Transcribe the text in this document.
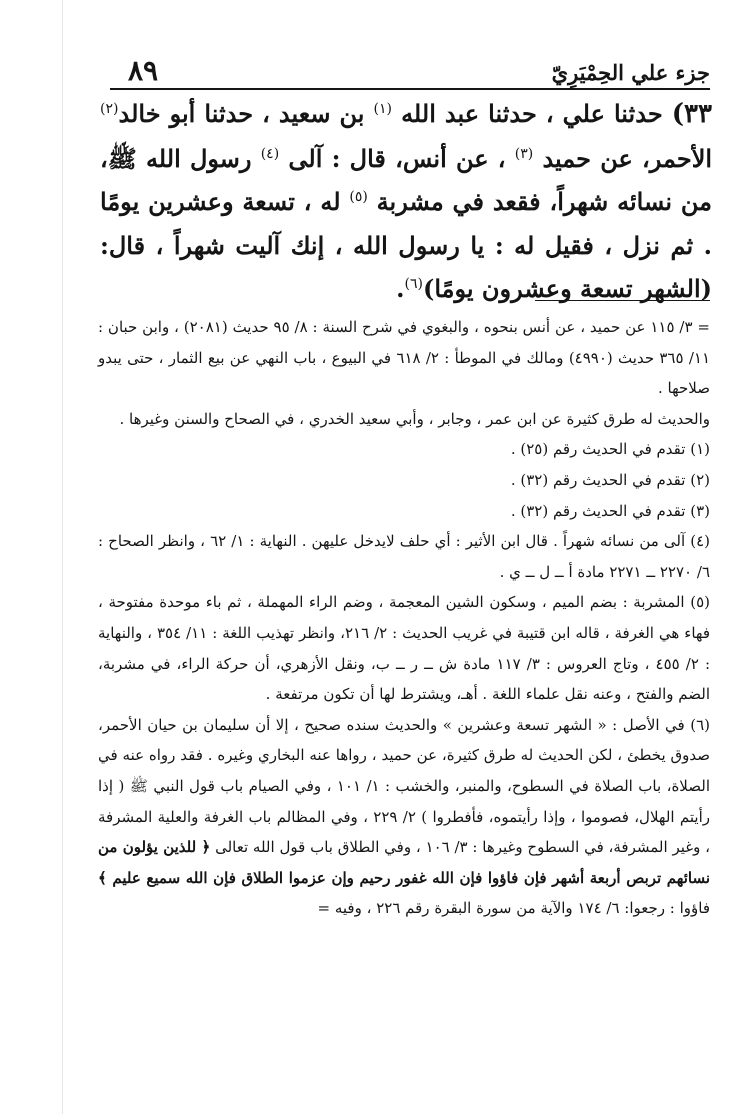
جزء علي الحِمْيَرِيّ
٨٩
٣٣) حدثنا علي ، حدثنا عبد الله $^{(١)}$ بن سعيد ، حدثنا أبو خالد$^{(٢)}$ الأحمر، عن حميد $^{(٣)}$ ، عن أنس، قال : آلى $^{(٤)}$ رسول الله ﷺ، من نسائه شهراً، فقعد في مشربة $^{(٥)}$ له ، تسعة وعشرين يومًا . ثم نزل ، فقيل له : يا رسول الله ، إنك آليت شهراً ، قال: (الشهر تسعة وعشرون يومًا)$^{(٦)}$.

= ٣/ ١١٥ عن حميد ، عن أنس بنحوه ، والبغوي في شرح السنة : ٨/ ٩٥ حديث (٢٠٨١) ، وابن حبان : ١١/ ٣٦٥ حديث (٤٩٩٠) ومالك في الموطأ : ٢/ ٦١٨ في البيوع ، باب النهي عن بيع الثمار ، حتى يبدو صلاحها .

والحديث له طرق كثيرة عن ابن عمر ، وجابر ، وأبي سعيد الخدري ، في الصحاح والسنن وغيرها .

(١) تقدم في الحديث رقم (٢٥) .

(٢) تقدم في الحديث رقم (٣٢) .

(٣) تقدم في الحديث رقم (٣٢) .

(٤) آلى من نسائه شهراً . قال ابن الأثير : أي حلف لايدخل عليهن . النهاية : ١/ ٦٢ ، وانظر الصحاح : ٦/ ٢٢٧٠ ــ ٢٢٧١ مادة أ ــ ل ــ ي .

(٥) المشربة : بضم الميم ، وسكون الشين المعجمة ، وضم الراء المهملة ، ثم باء موحدة مفتوحة ، فهاء هي الغرفة ، قاله ابن قتيبة في غريب الحديث : ٢/ ٢١٦، وانظر تهذيب اللغة : ١١/ ٣٥٤ ، والنهاية : ٢/ ٤٥٥ ، وتاج العروس : ٣/ ١١٧ مادة ش ــ ر ــ ب، ونقل الأزهري، أن حركة الراء، في مشربة، الضم والفتح ، وعنه نقل علماء اللغة . أهـ، ويشترط لها أن تكون مرتفعة .

(٦) في الأصل : « الشهر تسعة وعشرين » والحديث سنده صحيح ، إلا أن سليمان بن حيان الأحمر، صدوق يخطئ ، لكن الحديث له طرق كثيرة، عن حميد ، رواها عنه البخاري وغيره . فقد رواه عنه في الصلاة، باب الصلاة في السطوح، والمنبر، والخشب : ١/ ١٠١ ، وفي الصيام باب قول النبي ﷺ ( إذا رأيتم الهلال، فصوموا ، وإذا رأيتموه، فأفطروا ) ٢/ ٢٢٩ ، وفي المظالم باب الغرفة والعلية المشرفة ، وغير المشرفة، في السطوح وغيرها : ٣/ ١٠٦ ، وفي الطلاق باب قول الله تعالى ﴿ للذين يؤلون من نسائهم تربص أربعة أشهر فإن فاؤوا فإن الله غفور رحيم وإن عزموا الطلاق فإن الله سميع عليم ﴾ فاؤوا : رجعوا: ٦/ ١٧٤ والآية من سورة البقرة رقم ٢٢٦ ، وفيه =
